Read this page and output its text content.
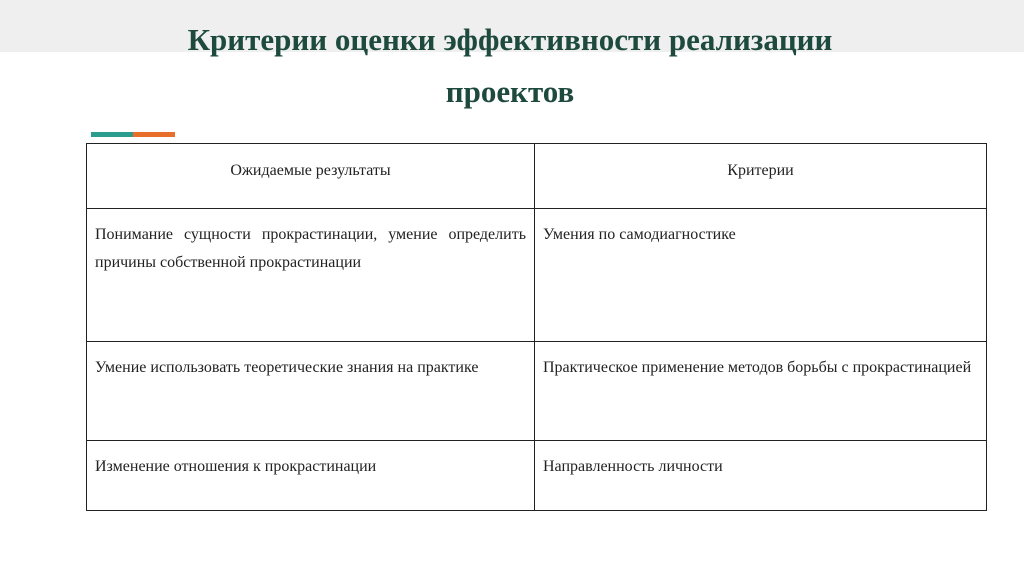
Критерии оценки эффективности реализации проектов
Ожидаемые результаты	Критерии
Понимание сущности прокрастинации, умение определить причины собственной прокрастинации	Умения по самодиагностике
Умение использовать теоретические знания на практике	Практическое применение методов борьбы с прокрастинацией
Изменение отношения к прокрастинации	Направленность личности
